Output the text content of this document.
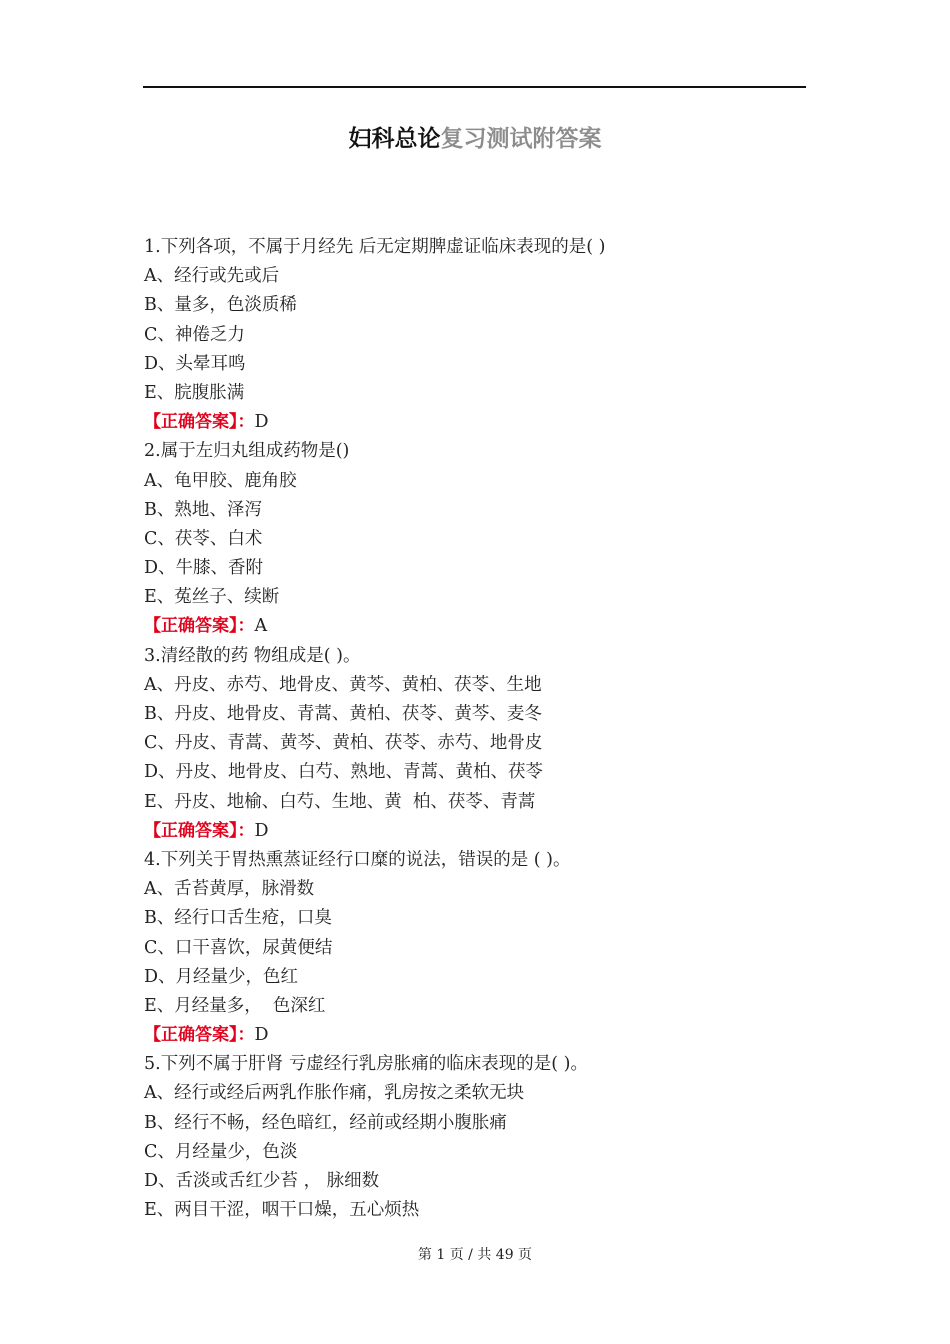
妇科总论复习测试附答案
1.下列各项，不属于月经先 后无定期脾虚证临床表现的是( )
A、经行或先或后
B、量多，色淡质稀
C、神倦乏力
D、头晕耳鸣
E、脘腹胀满
【正确答案】：D
2.属于左归丸组成药物是()
A、龟甲胶、鹿角胶
B、熟地、泽泻
C、茯苓、白术
D、牛膝、香附
E、菟丝子、续断
【正确答案】：A
3.清经散的药 物组成是( )。
A、丹皮、赤芍、地骨皮、黄芩、黄柏、茯苓、生地
B、丹皮、地骨皮、青蒿、黄柏、茯苓、黄芩、麦冬
C、丹皮、青蒿、黄芩、黄柏、茯苓、赤芍、地骨皮
D、丹皮、地骨皮、白芍、熟地、青蒿、黄柏、茯苓
E、丹皮、地榆、白芍、生地、黄  柏、茯苓、青蒿
【正确答案】：D
4.下列关于胃热熏蒸证经行口糜的说法，错误的是 ( )。
A、舌苔黄厚，脉滑数
B、经行口舌生疮，口臭
C、口干喜饮，尿黄便结
D、月经量少，色红
E、月经量多，  色深红
【正确答案】：D
5.下列不属于肝肾 亏虚经行乳房胀痛的临床表现的是( )。
A、经行或经后两乳作胀作痛，乳房按之柔软无块
B、经行不畅，经色暗红，经前或经期小腹胀痛
C、月经量少，色淡
D、舌淡或舌红少苔 ， 脉细数
E、两目干涩，咽干口燥，五心烦热
第 1 页 / 共 49 页
